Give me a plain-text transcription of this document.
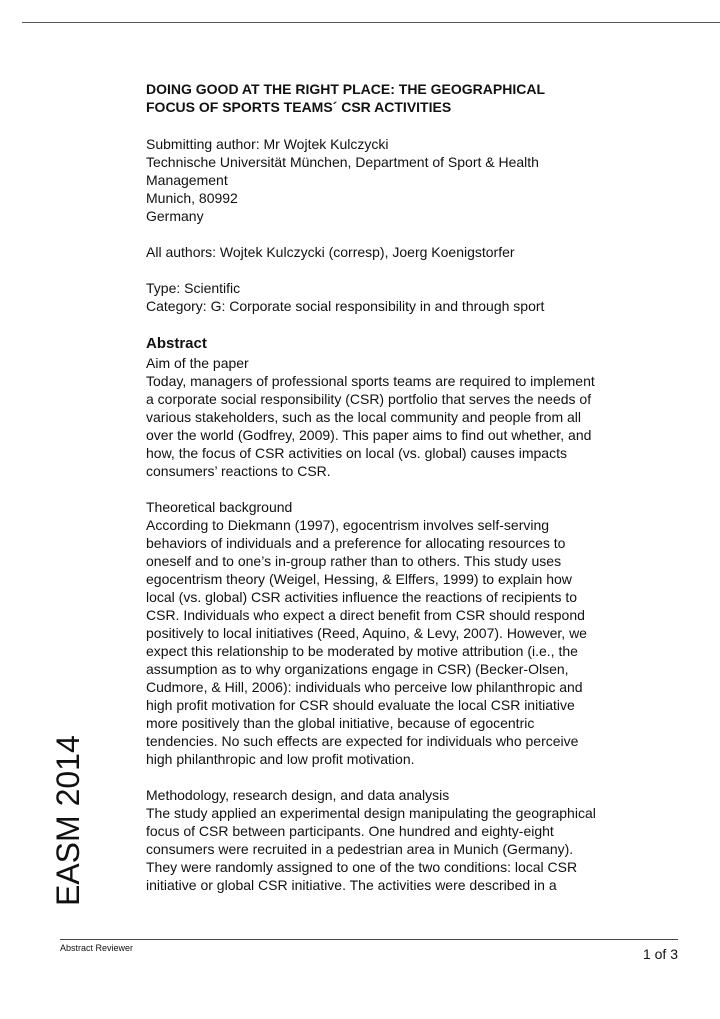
DOING GOOD AT THE RIGHT PLACE: THE GEOGRAPHICAL
FOCUS OF SPORTS TEAMS´ CSR ACTIVITIES
Submitting author: Mr Wojtek Kulczycki
Technische Universität München, Department of Sport & Health
Management
Munich, 80992
Germany
All authors: Wojtek Kulczycki (corresp), Joerg Koenigstorfer
Type: Scientific
Category: G: Corporate social responsibility in and through sport
Abstract
Aim of the paper
Today, managers of professional sports teams are required to implement
a corporate social responsibility (CSR) portfolio that serves the needs of
various stakeholders, such as the local community and people from all
over the world (Godfrey, 2009). This paper aims to find out whether, and
how, the focus of CSR activities on local (vs. global) causes impacts
consumers’ reactions to CSR.
Theoretical background
According to Diekmann (1997), egocentrism involves self-serving
behaviors of individuals and a preference for allocating resources to
oneself and to one’s in-group rather than to others. This study uses
egocentrism theory (Weigel, Hessing, & Elffers, 1999) to explain how
local (vs. global) CSR activities influence the reactions of recipients to
CSR. Individuals who expect a direct benefit from CSR should respond
positively to local initiatives (Reed, Aquino, & Levy, 2007). However, we
expect this relationship to be moderated by motive attribution (i.e., the
assumption as to why organizations engage in CSR) (Becker-Olsen,
Cudmore, & Hill, 2006): individuals who perceive low philanthropic and
high profit motivation for CSR should evaluate the local CSR initiative
more positively than the global initiative, because of egocentric
tendencies. No such effects are expected for individuals who perceive
high philanthropic and low profit motivation.
Methodology, research design, and data analysis
The study applied an experimental design manipulating the geographical
focus of CSR between participants. One hundred and eighty-eight
consumers were recruited in a pedestrian area in Munich (Germany).
They were randomly assigned to one of the two conditions: local CSR
initiative or global CSR initiative. The activities were described in a
EASM 2014
Abstract Reviewer	1 of 3
